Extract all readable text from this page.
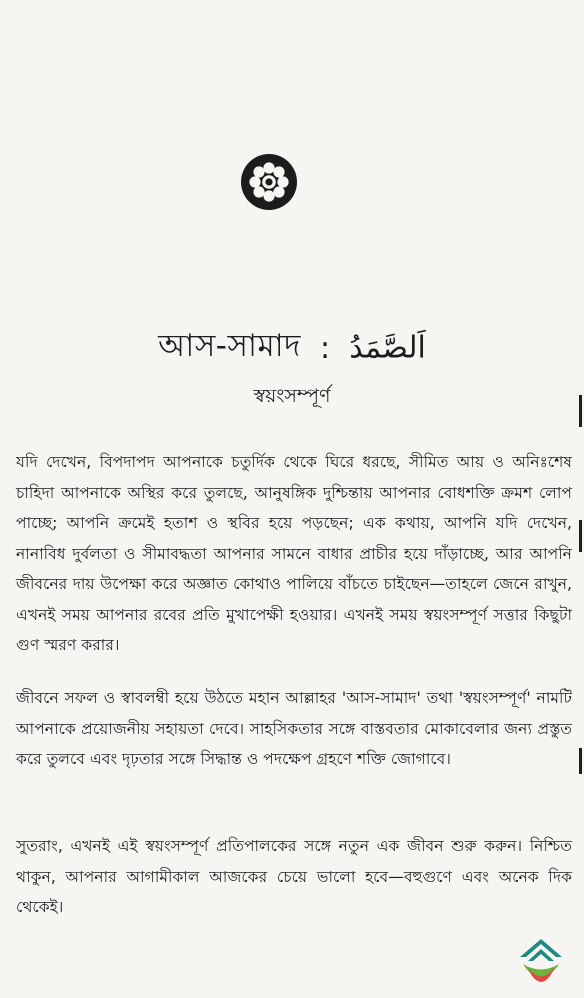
আস-সামাদ : اَلصَّمَدُ
স্বয়ংসম্পূর্ণ

যদি দেখেন, বিপদাপদ আপনাকে চতুর্দিক থেকে ঘিরে ধরছে, সীমিত আয় ও অনিঃশেষ চাহিদা আপনাকে অস্থির করে তুলছে, আনুষঙ্গিক দুশ্চিন্তায় আপনার বোধশক্তি ক্রমশ লোপ পাচ্ছে; আপনি ক্রমেই হতাশ ও স্থবির হয়ে পড়ছেন; এক কথায়, আপনি যদি দেখেন, নানাবিধ দুর্বলতা ও সীমাবদ্ধতা আপনার সামনে বাধার প্রাচীর হয়ে দাঁড়াচ্ছে, আর আপনি জীবনের দায় উপেক্ষা করে অজ্ঞাত কোথাও পালিয়ে বাঁচতে চাইছেন—তাহলে জেনে রাখুন, এখনই সময় আপনার রবের প্রতি মুখাপেক্ষী হওয়ার। এখনই সময় স্বয়ংসম্পূর্ণ সত্তার কিছুটা গুণ স্মরণ করার।

জীবনে সফল ও স্বাবলম্বী হয়ে উঠতে মহান আল্লাহর 'আস-সামাদ' তথা 'স্বয়ংসম্পূর্ণ' নামটি আপনাকে প্রয়োজনীয় সহায়তা দেবে। সাহসিকতার সঙ্গে বাস্তবতার মোকাবেলার জন্য প্রস্তুত করে তুলবে এবং দৃঢ়তার সঙ্গে সিদ্ধান্ত ও পদক্ষেপ গ্রহণে শক্তি জোগাবে।

সুতরাং, এখনই এই স্বয়ংসম্পূর্ণ প্রতিপালকের সঙ্গে নতুন এক জীবন শুরু করুন। নিশ্চিত থাকুন, আপনার আগামীকাল আজকের চেয়ে ভালো হবে—বহুগুণে এবং অনেক দিক থেকেই।
